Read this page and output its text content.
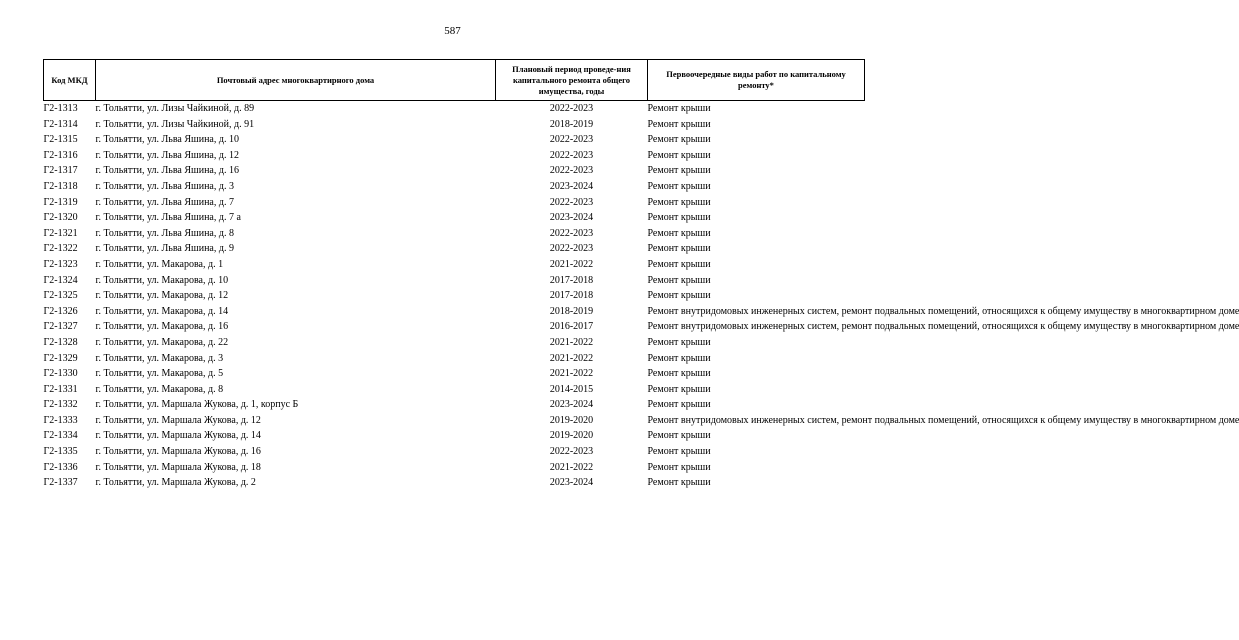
587
Код МКД	Почтовый адрес многоквартирного дома	Плановый период проведе-ния капитального ремонта общего имущества, годы	Первоочередные виды работ по капитальному ремонту*
Г2-1313	г. Тольятти, ул. Лизы Чайкиной, д. 89	2022-2023	Ремонт крыши
Г2-1314	г. Тольятти, ул. Лизы Чайкиной, д. 91	2018-2019	Ремонт крыши
Г2-1315	г. Тольятти, ул. Льва Яшина, д. 10	2022-2023	Ремонт крыши
Г2-1316	г. Тольятти, ул. Льва Яшина, д. 12	2022-2023	Ремонт крыши
Г2-1317	г. Тольятти, ул. Льва Яшина, д. 16	2022-2023	Ремонт крыши
Г2-1318	г. Тольятти, ул. Льва Яшина, д. 3	2023-2024	Ремонт крыши
Г2-1319	г. Тольятти, ул. Льва Яшина, д. 7	2022-2023	Ремонт крыши
Г2-1320	г. Тольятти, ул. Льва Яшина, д. 7 а	2023-2024	Ремонт крыши
Г2-1321	г. Тольятти, ул. Льва Яшина, д. 8	2022-2023	Ремонт крыши
Г2-1322	г. Тольятти, ул. Льва Яшина, д. 9	2022-2023	Ремонт крыши
Г2-1323	г. Тольятти, ул. Макарова, д. 1	2021-2022	Ремонт крыши
Г2-1324	г. Тольятти, ул. Макарова, д. 10	2017-2018	Ремонт крыши
Г2-1325	г. Тольятти, ул. Макарова, д. 12	2017-2018	Ремонт крыши
Г2-1326	г. Тольятти, ул. Макарова, д. 14	2018-2019	Ремонт внутридомовых инженерных систем, ремонт подвальных помещений, относящихся к общему имуществу в многоквартирном доме
Г2-1327	г. Тольятти, ул. Макарова, д. 16	2016-2017	Ремонт внутридомовых инженерных систем, ремонт подвальных помещений, относящихся к общему имуществу в многоквартирном доме
Г2-1328	г. Тольятти, ул. Макарова, д. 22	2021-2022	Ремонт крыши
Г2-1329	г. Тольятти, ул. Макарова, д. 3	2021-2022	Ремонт крыши
Г2-1330	г. Тольятти, ул. Макарова, д. 5	2021-2022	Ремонт крыши
Г2-1331	г. Тольятти, ул. Макарова, д. 8	2014-2015	Ремонт крыши
Г2-1332	г. Тольятти, ул. Маршала Жукова, д. 1, корпус Б	2023-2024	Ремонт крыши
Г2-1333	г. Тольятти, ул. Маршала Жукова, д. 12	2019-2020	Ремонт внутридомовых инженерных систем, ремонт подвальных помещений, относящихся к общему имуществу в многоквартирном доме
Г2-1334	г. Тольятти, ул. Маршала Жукова, д. 14	2019-2020	Ремонт крыши
Г2-1335	г. Тольятти, ул. Маршала Жукова, д. 16	2022-2023	Ремонт крыши
Г2-1336	г. Тольятти, ул. Маршала Жукова, д. 18	2021-2022	Ремонт крыши
Г2-1337	г. Тольятти, ул. Маршала Жукова, д. 2	2023-2024	Ремонт крыши
